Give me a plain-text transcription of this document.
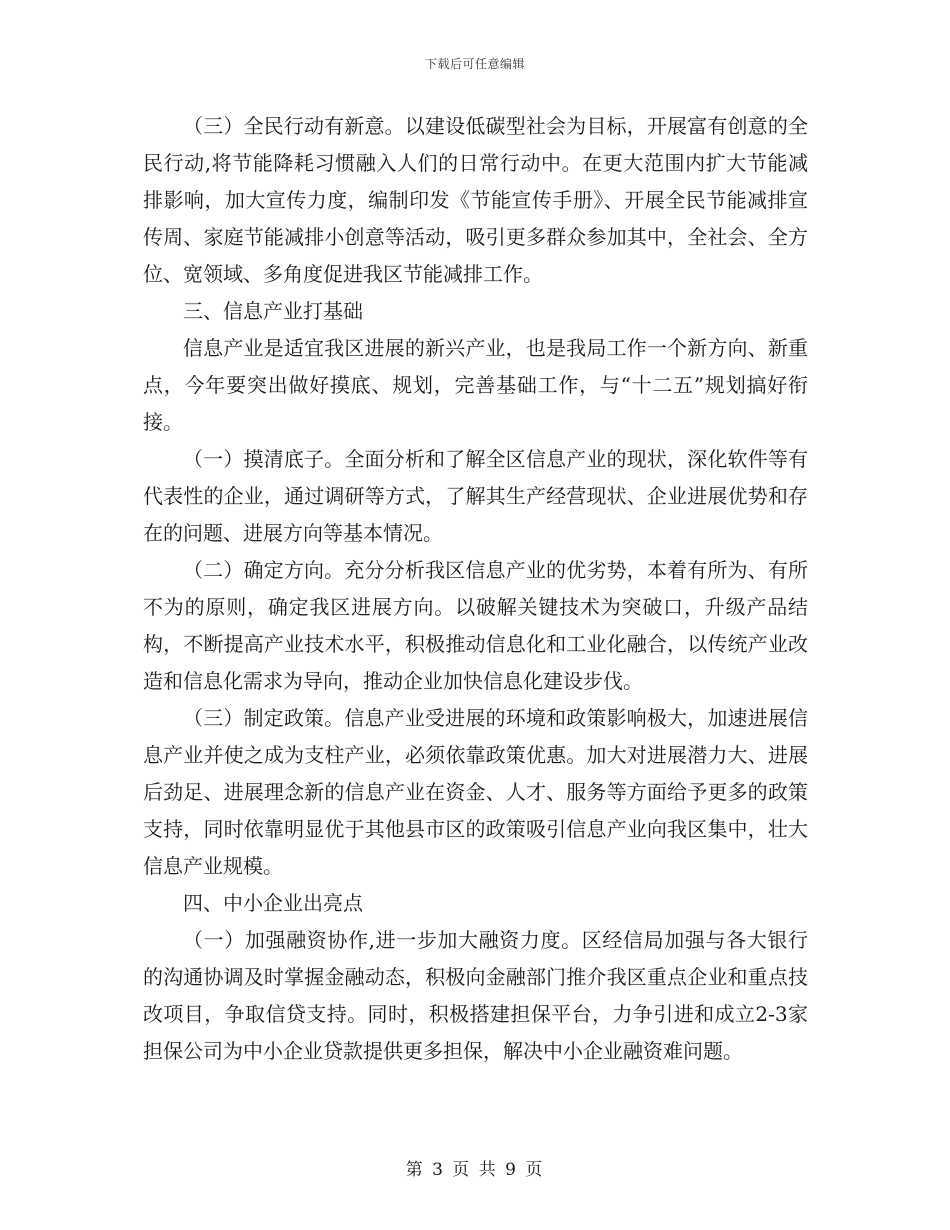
下载后可任意编辑

（三）全民行动有新意。以建设低碳型社会为目标，开展富有创意的全民行动,将节能降耗习惯融入人们的日常行动中。在更大范围内扩大节能减排影响，加大宣传力度，编制印发《节能宣传手册》、开展全民节能减排宣传周、家庭节能减排小创意等活动，吸引更多群众参加其中，全社会、全方位、宽领域、多角度促进我区节能减排工作。

三、信息产业打基础

信息产业是适宜我区进展的新兴产业，也是我局工作一个新方向、新重点，今年要突出做好摸底、规划，完善基础工作，与“十二五”规划搞好衔接。

（一）摸清底子。全面分析和了解全区信息产业的现状，深化软件等有代表性的企业，通过调研等方式，了解其生产经营现状、企业进展优势和存在的问题、进展方向等基本情况。

（二）确定方向。充分分析我区信息产业的优劣势，本着有所为、有所不为的原则，确定我区进展方向。以破解关键技术为突破口，升级产品结构，不断提高产业技术水平，积极推动信息化和工业化融合，以传统产业改造和信息化需求为导向，推动企业加快信息化建设步伐。

（三）制定政策。信息产业受进展的环境和政策影响极大，加速进展信息产业并使之成为支柱产业，必须依靠政策优惠。加大对进展潜力大、进展后劲足、进展理念新的信息产业在资金、人才、服务等方面给予更多的政策支持，同时依靠明显优于其他县市区的政策吸引信息产业向我区集中，壮大信息产业规模。

四、中小企业出亮点

（一）加强融资协作,进一步加大融资力度。区经信局加强与各大银行的沟通协调及时掌握金融动态，积极向金融部门推介我区重点企业和重点技改项目，争取信贷支持。同时，积极搭建担保平台，力争引进和成立2-3家担保公司为中小企业贷款提供更多担保，解决中小企业融资难问题。

第 3 页 共 9 页
